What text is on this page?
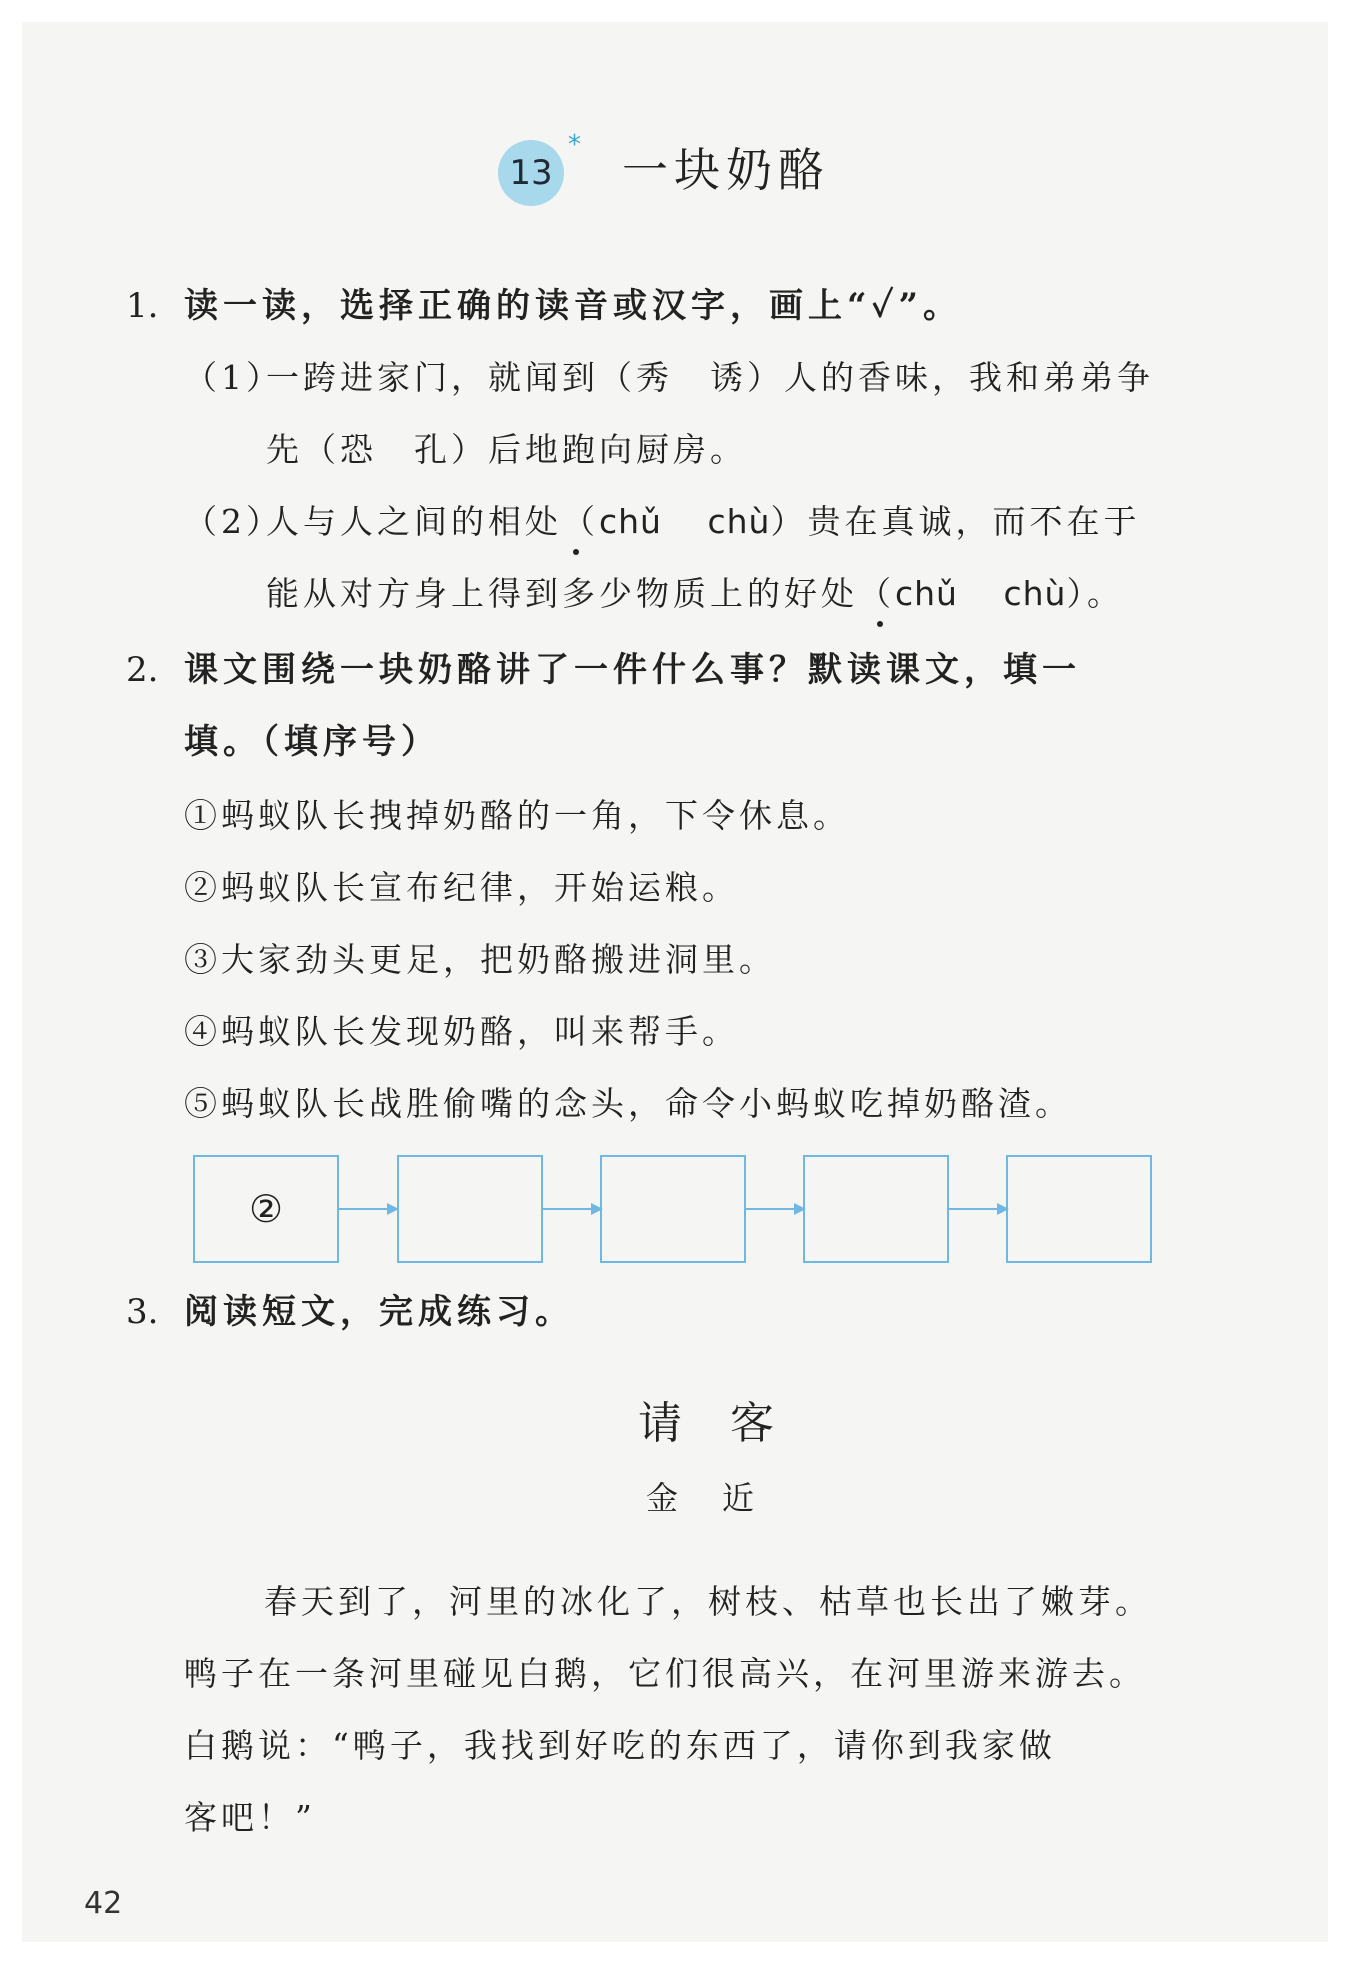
13
* 一块奶酪
1. 读一读，选择正确的读音或汉字，画上“✓”。
（1）
一跨进家门，就闻到（秀　诱）人的香味，我和弟弟争
先（恐　孔）后地跑向厨房。
（2）
人与人之间的相处（chǔ　 chù）贵在真诚，而不在于
能从对方身上得到多少物质上的好处（chǔ　 chù）。
2. 课文围绕一块奶酪讲了一件什么事？默读课文，填一
填。（填序号）
①蚂蚁队长拽掉奶酪的一角，下令休息。
②蚂蚁队长宣布纪律，开始运粮。
③大家劲头更足，把奶酪搬进洞里。
④蚂蚁队长发现奶酪，叫来帮手。
⑤蚂蚁队长战胜偷嘴的念头，命令小蚂蚁吃掉奶酪渣。
②
3. 阅读短文，完成练习。
请客
金近
春天到了，河里的冰化了，树枝、枯草也长出了嫩芽。
鸭子在一条河里碰见白鹅，它们很高兴，在河里游来游去。
白鹅说：“鸭子，我找到好吃的东西了，请你到我家做
客吧！”
42
